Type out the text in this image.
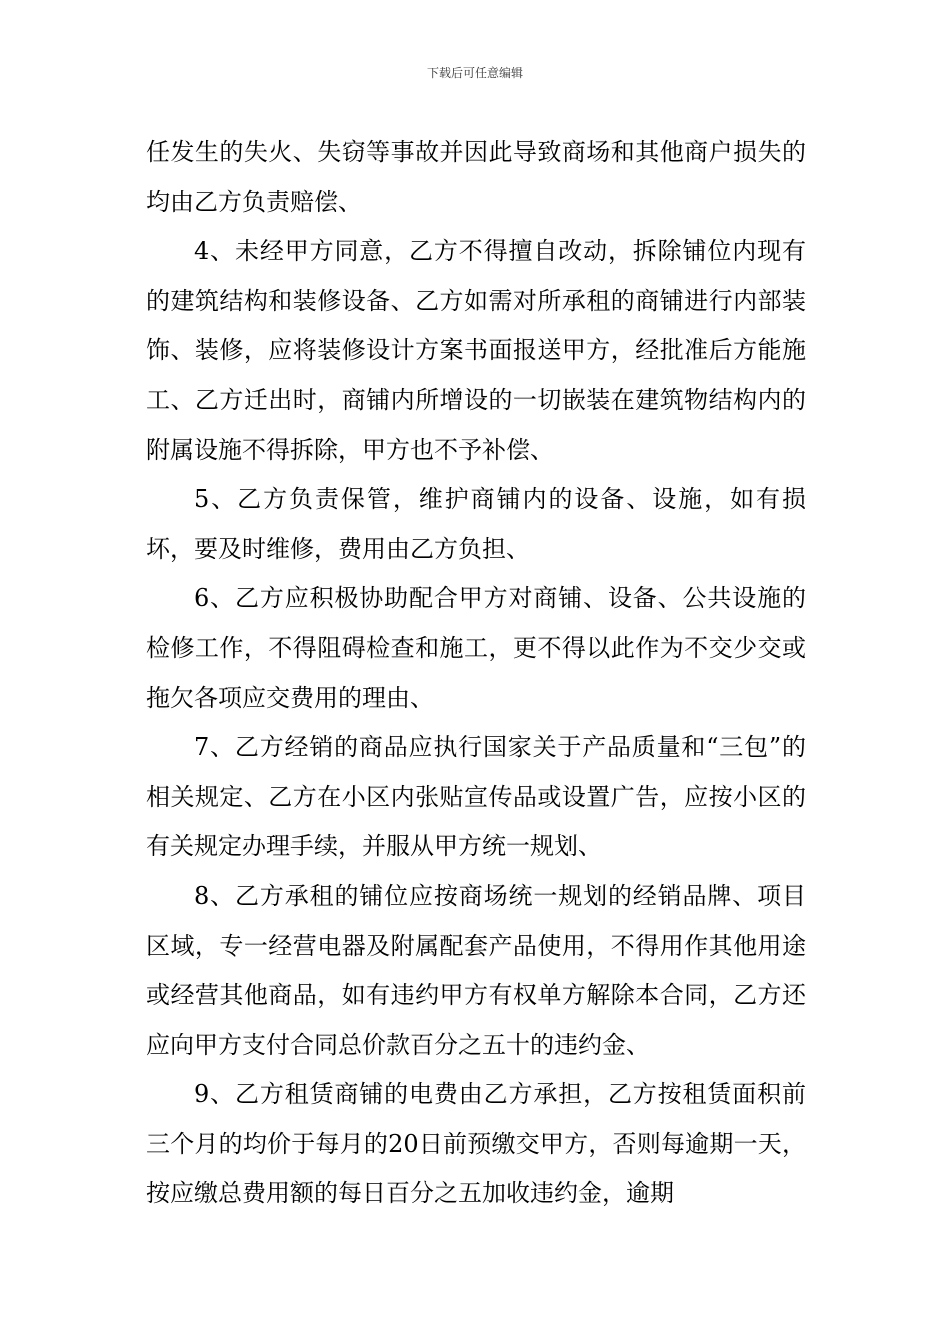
下载后可任意编辑

任发生的失火、失窃等事故并因此导致商场和其他商户损失的均由乙方负责赔偿、

4、未经甲方同意，乙方不得擅自改动，拆除铺位内现有的建筑结构和装修设备、乙方如需对所承租的商铺进行内部装饰、装修，应将装修设计方案书面报送甲方，经批准后方能施工、乙方迁出时，商铺内所增设的一切嵌装在建筑物结构内的附属设施不得拆除，甲方也不予补偿、

5、乙方负责保管，维护商铺内的设备、设施，如有损坏，要及时维修，费用由乙方负担、

6、乙方应积极协助配合甲方对商铺、设备、公共设施的检修工作，不得阻碍检查和施工，更不得以此作为不交少交或拖欠各项应交费用的理由、

7、乙方经销的商品应执行国家关于产品质量和“三包”的相关规定、乙方在小区内张贴宣传品或设置广告，应按小区的有关规定办理手续，并服从甲方统一规划、

8、乙方承租的铺位应按商场统一规划的经销品牌、项目区域，专一经营电器及附属配套产品使用，不得用作其他用途或经营其他商品，如有违约甲方有权单方解除本合同，乙方还应向甲方支付合同总价款百分之五十的违约金、

9、乙方租赁商铺的电费由乙方承担，乙方按租赁面积前三个月的均价于每月的20日前预缴交甲方，否则每逾期一天，按应缴总费用额的每日百分之五加收违约金，逾期
